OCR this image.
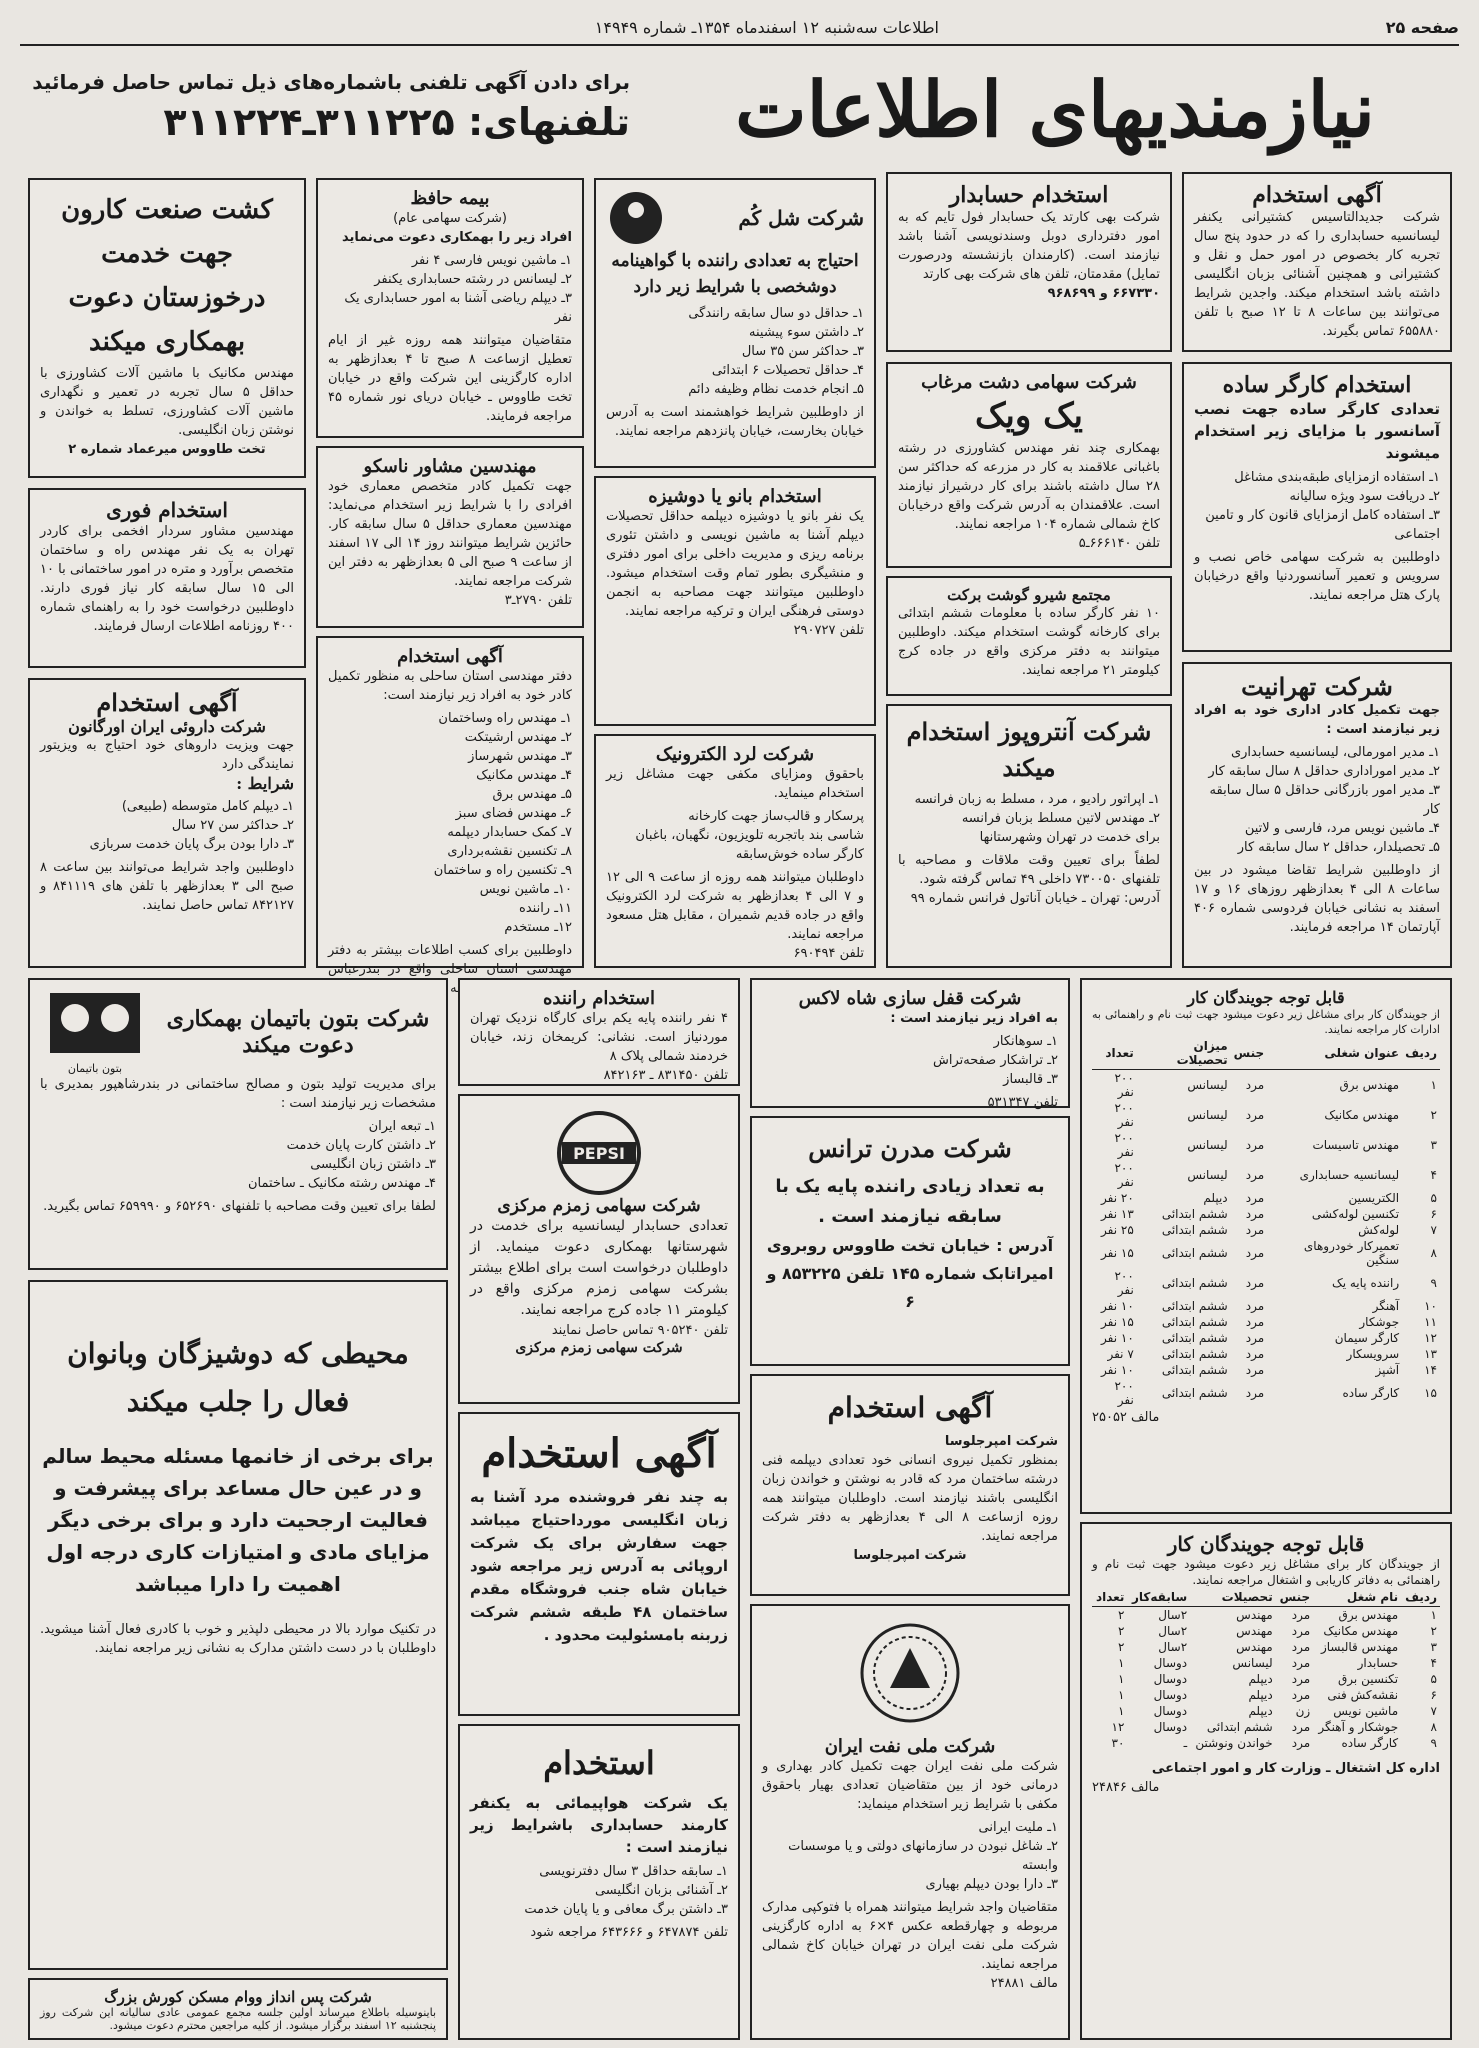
صفحه ۲۵
اطلاعات سه‌شنبه ۱۲ اسفندماه ۱۳۵۴ـ شماره ۱۴۹۴۹
نیازمندیهای اطلاعات
برای دادن آگهی تلفنی باشماره‌های ذیل تماس حاصل فرمائید
تلفنهای: ۳۱۱۲۲۵ـ۳۱۱۲۲۴
کشت صنعت کارون جهت خدمت درخوزستان دعوت بهمکاری میکند
مهندس مکانیک با ماشین آلات کشاورزی با حداقل ۵ سال تجربه در تعمیر و نگهداری ماشین آلات کشاورزی، تسلط به خواندن و نوشتن زبان انگلیسی.
تخت طاووس میرعماد شماره ۲
استخدام فوری
مهندسین مشاور سردار افخمی برای کاردر تهران به یک نفر مهندس راه و ساختمان متخصص برآورد و متره در امور ساختمانی با ۱۰ الی ۱۵ سال سابقه کار نیاز فوری دارند. داوطلبین درخواست خود را به راهنمای شماره ۴۰۰ روزنامه اطلاعات ارسال فرمایند.
آگهی استخدام
شرکت داروئی ایران اورگانون
جهت ویزیت داروهای خود احتیاج به ویزیتور نمایندگی دارد
شرایط :
۱ـ دیپلم کامل متوسطه (طبیعی)
۲ـ حداکثر سن ۲۷ سال
۳ـ دارا بودن برگ پایان خدمت سربازی
داوطلبین واجد شرایط می‌توانند بین ساعت ۸ صبح الی ۳ بعدازظهر با تلفن های ۸۴۱۱۱۹ و ۸۴۲۱۲۷ تماس حاصل نمایند.
بیمه حافظ
(شرکت سهامی عام)
افراد زیر را بهمکاری دعوت می‌نماید
۱ـ ماشین نویس فارسی ۴ نفر
۲ـ لیسانس در رشته حسابداری یکنفر
۳ـ دیپلم ریاضی آشنا به امور حسابداری یک نفر
متقاضیان میتوانند همه روزه غیر از ایام تعطیل ازساعت ۸ صبح تا ۴ بعدازظهر به اداره کارگزینی این شرکت واقع در خیابان تخت طاووس ـ خیابان دریای نور شماره ۴۵ مراجعه فرمایند.
مهندسین مشاور ناسکو
جهت تکمیل کادر متخصص معماری خود افرادی را با شرایط زیر استخدام می‌نماید: مهندسین معماری حداقل ۵ سال سابقه کار. حائزین شرایط میتوانند روز ۱۴ الی ۱۷ اسفند از ساعت ۹ صبح الی ۵ بعدازظهر به دفتر این شرکت مراجعه نمایند.
تلفن ۲۷۹۰ـ۳
آگهی استخدام
دفتر مهندسی استان ساحلی به منظور تکمیل کادر خود به افراد زیر نیازمند است:
۱ـ مهندس راه وساختمان
۲ـ مهندس ارشیتکت
۳ـ مهندس شهرساز
۴ـ مهندس مکانیک
۵ـ مهندس برق
۶ـ مهندس فضای سبز
۷ـ کمک حسابدار دیپلمه
۸ـ تکنسین نقشه‌برداری
۹ـ تکنسین راه و ساختمان
۱۰ـ ماشین نویس
۱۱ـ راننده
۱۲ـ مستخدم
داوطلبین برای کسب اطلاعات بیشتر به دفتر مهندسی استان ساحلی واقع در بندرعباس
شرکت شل کُم
احتیاج به تعدادی راننده با گواهینامه دوشخصی با شرایط زیر دارد
۱ـ حداقل دو سال سابقه رانندگی
۲ـ داشتن سوء پیشینه
۳ـ حداکثر سن ۳۵ سال
۴ـ حداقل تحصیلات ۶ ابتدائی
۵ـ انجام خدمت نظام وظیفه دائم
از داوطلبین شرایط خواهشمند است به آدرس خیابان بخارست، خیابان پانزدهم مراجعه نمایند.
استخدام بانو یا دوشیزه
یک نفر بانو یا دوشیزه دیپلمه حداقل تحصیلات دیپلم آشنا به ماشین نویسی و داشتن تئوری برنامه ریزی و مدیریت داخلی برای امور دفتری و منشیگری بطور تمام وقت استخدام میشود. داوطلبین میتوانند جهت مصاحبه به انجمن دوستی فرهنگی ایران و ترکیه مراجعه نمایند.
تلفن ۲۹۰۷۲۷
شرکت لرد الکترونیک
باحقوق ومزایای مکفی جهت مشاغل زیر استخدام مینماید.
پرسکار و قالب‌ساز جهت کارخانه
شاسی بند باتجربه تلویزیون، نگهبان، باغبان
کارگر ساده خوش‌سابقه
داوطلبان میتوانند همه روزه از ساعت ۹ الی ۱۲ و ۷ الی ۴ بعدازظهر به شرکت لرد الکترونیک واقع در جاده قدیم شمیران ، مقابل هتل مسعود مراجعه نمایند.
تلفن ۶۹۰۴۹۴
استخدام حسابدار
شرکت بهی کارتد یک حسابدار فول تایم که به امور دفترداری دوبل وسندنویسی آشنا باشد نیازمند است. (کارمندان بازنشسته ودرصورت تمایل) مقدمتان، تلفن های شرکت بهی کارتد
۶۶۷۳۳۰ و ۹۶۸۶۹۹
شرکت سهامی دشت مرغاب
یک ویک
بهمکاری چند نفر مهندس کشاورزی در رشته باغبانی علاقمند به کار در مزرعه که حداکثر سن ۲۸ سال داشته باشند برای کار درشیراز نیازمند است. علاقمندان به آدرس شرکت واقع درخیابان کاخ شمالی شماره ۱۰۴ مراجعه نمایند.
تلفن ۶۶۶۱۴۰ـ۵
مجتمع شیرو گوشت برکت
۱۰ نفر کارگر ساده با معلومات ششم ابتدائی برای کارخانه گوشت استخدام میکند. داوطلبین میتوانند به دفتر مرکزی واقع در جاده کرج کیلومتر ۲۱ مراجعه نمایند.
شرکت آنتروپوز استخدام میکند
۱ـ اپراتور رادیو ، مرد ، مسلط به زبان فرانسه
۲ـ مهندس لاتین مسلط بزبان فرانسه
برای خدمت در تهران وشهرستانها
لطفاً برای تعیین وقت ملاقات و مصاحبه با تلفنهای ۷۳۰۰۵۰ داخلی ۴۹ تماس گرفته شود.
آدرس: تهران ـ خیابان آناتول فرانس شماره ۹۹
آگهی استخدام
شرکت جدیدالتاسیس کشتیرانی یکنفر لیسانسیه حسابداری را که در حدود پنج سال تجربه کار بخصوص در امور حمل و نقل و کشتیرانی و همچنین آشنائی بزبان انگلیسی داشته باشد استخدام میکند. واجدین شرایط می‌توانند بین ساعات ۸ تا ۱۲ صبح با تلفن ۶۵۵۸۸۰ تماس بگیرند.
استخدام کارگر ساده
تعدادی کارگر ساده جهت نصب آسانسور با مزایای زیر استخدام میشوند
۱ـ استفاده ازمزایای طبقه‌بندی مشاغل
۲ـ دریافت سود ویژه سالیانه
۳ـ استفاده کامل ازمزایای قانون کار و تامین اجتماعی
داوطلبین به شرکت سهامی خاص نصب و سرویس و تعمیر آسانسوردنیا واقع درخیابان پارک هتل مراجعه نمایند.
شرکت تهرانیت
جهت تکمیل کادر اداری خود به افراد زیر نیازمند است :
۱ـ مدیر امورمالی، لیسانسیه حسابداری
۲ـ مدیر اموراداری حداقل ۸ سال سابقه کار
۳ـ مدیر امور بازرگانی حداقل ۵ سال سابقه کار
۴ـ ماشین نویس مرد، فارسی و لاتین
۵ـ تحصیلدار، حداقل ۲ سال سابقه کار
از داوطلبین شرایط تقاضا میشود در بین ساعات ۸ الی ۴ بعدازظهر روزهای ۱۶ و ۱۷ اسفند به نشانی خیابان فردوسی شماره ۴۰۶ آپارتمان ۱۴ مراجعه فرمایند.
شرکت بتون باتیمان بهمکاری دعوت میکند
بتون باتیمان
برای مدیریت تولید بتون و مصالح ساختمانی در بندرشاهپور بمدیری با مشخصات زیر نیازمند است :
۱ـ تبعه ایران
۲ـ داشتن کارت پایان خدمت
۳ـ داشتن زبان انگلیسی
۴ـ مهندس رشته مکانیک ـ ساختمان
لطفا برای تعیین وقت مصاحبه با تلفنهای ۶۵۲۶۹۰ و ۶۵۹۹۹۰ تماس بگیرید.
محیطی که دوشیزگان وبانوان فعال را جلب میکند
برای برخی از خانمها مسئله محیط سالم و در عین حال مساعد برای پیشرفت و فعالیت ارجحیت دارد و برای برخی دیگر مزایای مادی و امتیازات کاری درجه اول اهمیت را دارا میباشد
در تکنیک موارد بالا در محیطی دلپذیر و خوب با کادری فعال آشنا میشوید. داوطلبان با در دست داشتن مدارک به نشانی زیر مراجعه نمایند.
شرکت پس انداز ووام مسکن کورش بزرگ
باینوسیله باطلاع میرساند اولین جلسه مجمع عمومی عادی سالیانه این شرکت روز پنجشنبه ۱۲ اسفند برگزار میشود. از کلیه مراجعین محترم دعوت میشود.
استخدام راننده
۴ نفر راننده پایه یکم برای کارگاه نزدیک تهران موردنیاز است. نشانی: کریمخان زند، خیابان خردمند شمالی پلاک ۸
تلفن ۸۳۱۴۵۰ ـ ۸۴۲۱۶۳
PEPSI
شرکت سهامی زمزم مرکزی
تعدادی حسابدار لیسانسیه برای خدمت در شهرستانها بهمکاری دعوت مینماید. از داوطلبان درخواست است برای اطلاع بیشتر بشرکت سهامی زمزم مرکزی واقع در کیلومتر ۱۱ جاده کرج مراجعه نمایند.
تلفن ۹۰۵۲۴۰ تماس حاصل نمایند
شرکت سهامی زمزم مرکزی
آگهی استخدام
به چند نفر فروشنده مرد آشنا به زبان انگلیسی مورداحتیاج میباشد جهت سفارش برای یک شرکت اروپائی به آدرس زیر مراجعه شود خیابان شاه جنب فروشگاه مقدم ساختمان ۴۸ طبقه ششم شرکت زربنه بامسئولیت محدود .
استخدام
یک شرکت هواپیمائی به یکنفر کارمند حسابداری باشرایط زیر نیازمند است :
۱ـ سابقه حداقل ۳ سال دفترنویسی
۲ـ آشنائی بزبان انگلیسی
۳ـ داشتن برگ معافی و یا پایان خدمت
تلفن ۶۴۷۸۷۴ و ۶۴۳۶۶۶ مراجعه شود
شرکت قفل سازی شاه لاکس
به افراد زیر نیازمند است :
۱ـ سوهانکار
۲ـ تراشکار صفحه‌تراش
۳ـ قالبساز
تلفن ۵۳۱۳۴۷
شرکت مدرن ترانس
به تعداد زیادی راننده پایه یک با سابقه نیازمند است .
آدرس : خیابان تخت طاووس روبروی امیراتابک شماره ۱۴۵ تلفن ۸۵۳۲۲۵ و ۶
آگهی استخدام
شرکت امپرجلوسا
بمنظور تکمیل نیروی انسانی خود تعدادی دیپلمه فنی درشته ساختمان مرد که قادر به نوشتن و خواندن زبان انگلیسی باشند نیازمند است. داوطلبان میتوانند همه روزه ازساعت ۸ الی ۴ بعدازظهر به دفتر شرکت مراجعه نمایند.
شرکت امپرجلوسا
شرکت ملی نفت ایران
شرکت ملی نفت ایران جهت تکمیل کادر بهداری و درمانی خود از بین متقاضیان تعدادی بهیار باحقوق مکفی با شرایط زیر استخدام مینماید:
۱ـ ملیت ایرانی
۲ـ شاغل نبودن در سازمانهای دولتی و یا موسسات وابسته
۳ـ دارا بودن دیپلم بهیاری
متقاضیان واجد شرایط میتوانند همراه با فتوکپی مدارک مربوطه و چهارقطعه عکس ۴×۶ به اداره کارگزینی شرکت ملی نفت ایران در تهران خیابان کاخ شمالی مراجعه نمایند.
مالف ۲۴۸۸۱
قابل توجه جویندگان کار
از جویندگان کار برای مشاغل زیر دعوت میشود جهت ثبت نام و راهنمائی به ادارات کار مراجعه نمایند.
ردیف	عنوان شغلی	جنس	میزان تحصیلات	تعداد
۱	مهندس برق	مرد	لیسانس	۲۰۰ نفر
۲	مهندس مکانیک	مرد	لیسانس	۲۰۰ نفر
۳	مهندس تاسیسات	مرد	لیسانس	۲۰۰ نفر
۴	لیسانسیه حسابداری	مرد	لیسانس	۲۰۰ نفر
۵	الکتریسین	مرد	دیپلم	۲۰ نفر
۶	تکنسین لوله‌کشی	مرد	ششم ابتدائی	۱۳ نفر
۷	لوله‌کش	مرد	ششم ابتدائی	۲۵ نفر
۸	تعمیرکار خودروهای سنگین	مرد	ششم ابتدائی	۱۵ نفر
۹	راننده پایه یک	مرد	ششم ابتدائی	۲۰۰ نفر
۱۰	آهنگر	مرد	ششم ابتدائی	۱۰ نفر
۱۱	جوشکار	مرد	ششم ابتدائی	۱۵ نفر
۱۲	کارگر سیمان	مرد	ششم ابتدائی	۱۰ نفر
۱۳	سرویسکار	مرد	ششم ابتدائی	۷ نفر
۱۴	آشپز	مرد	ششم ابتدائی	۱۰ نفر
۱۵	کارگر ساده	مرد	ششم ابتدائی	۲۰۰ نفر
مالف ۲۵۰۵۲
قابل توجه جویندگان کار
از جویندگان کار برای مشاغل زیر دعوت میشود جهت ثبت نام و راهنمائی به دفاتر کاریابی و اشتغال مراجعه نمایند.
ردیف	نام شغل	جنس	تحصیلات	سابقه‌کار	تعداد
۱	مهندس برق	مرد	مهندس	۲سال	۲
۲	مهندس مکانیک	مرد	مهندس	۲سال	۲
۳	مهندس قالبساز	مرد	مهندس	۲سال	۲
۴	حسابدار	مرد	لیسانس	دوسال	۱
۵	تکنسین برق	مرد	دیپلم	دوسال	۱
۶	نقشه‌کش فنی	مرد	دیپلم	دوسال	۱
۷	ماشین نویس	زن	دیپلم	دوسال	۱
۸	جوشکار و آهنگر	مرد	ششم ابتدائی	دوسال	۱۲
۹	کارگر ساده	مرد	خواندن ونوشتن	ـ	۳۰
اداره کل اشتغال ـ وزارت کار و امور اجتماعی
مالف ۲۴۸۴۶
